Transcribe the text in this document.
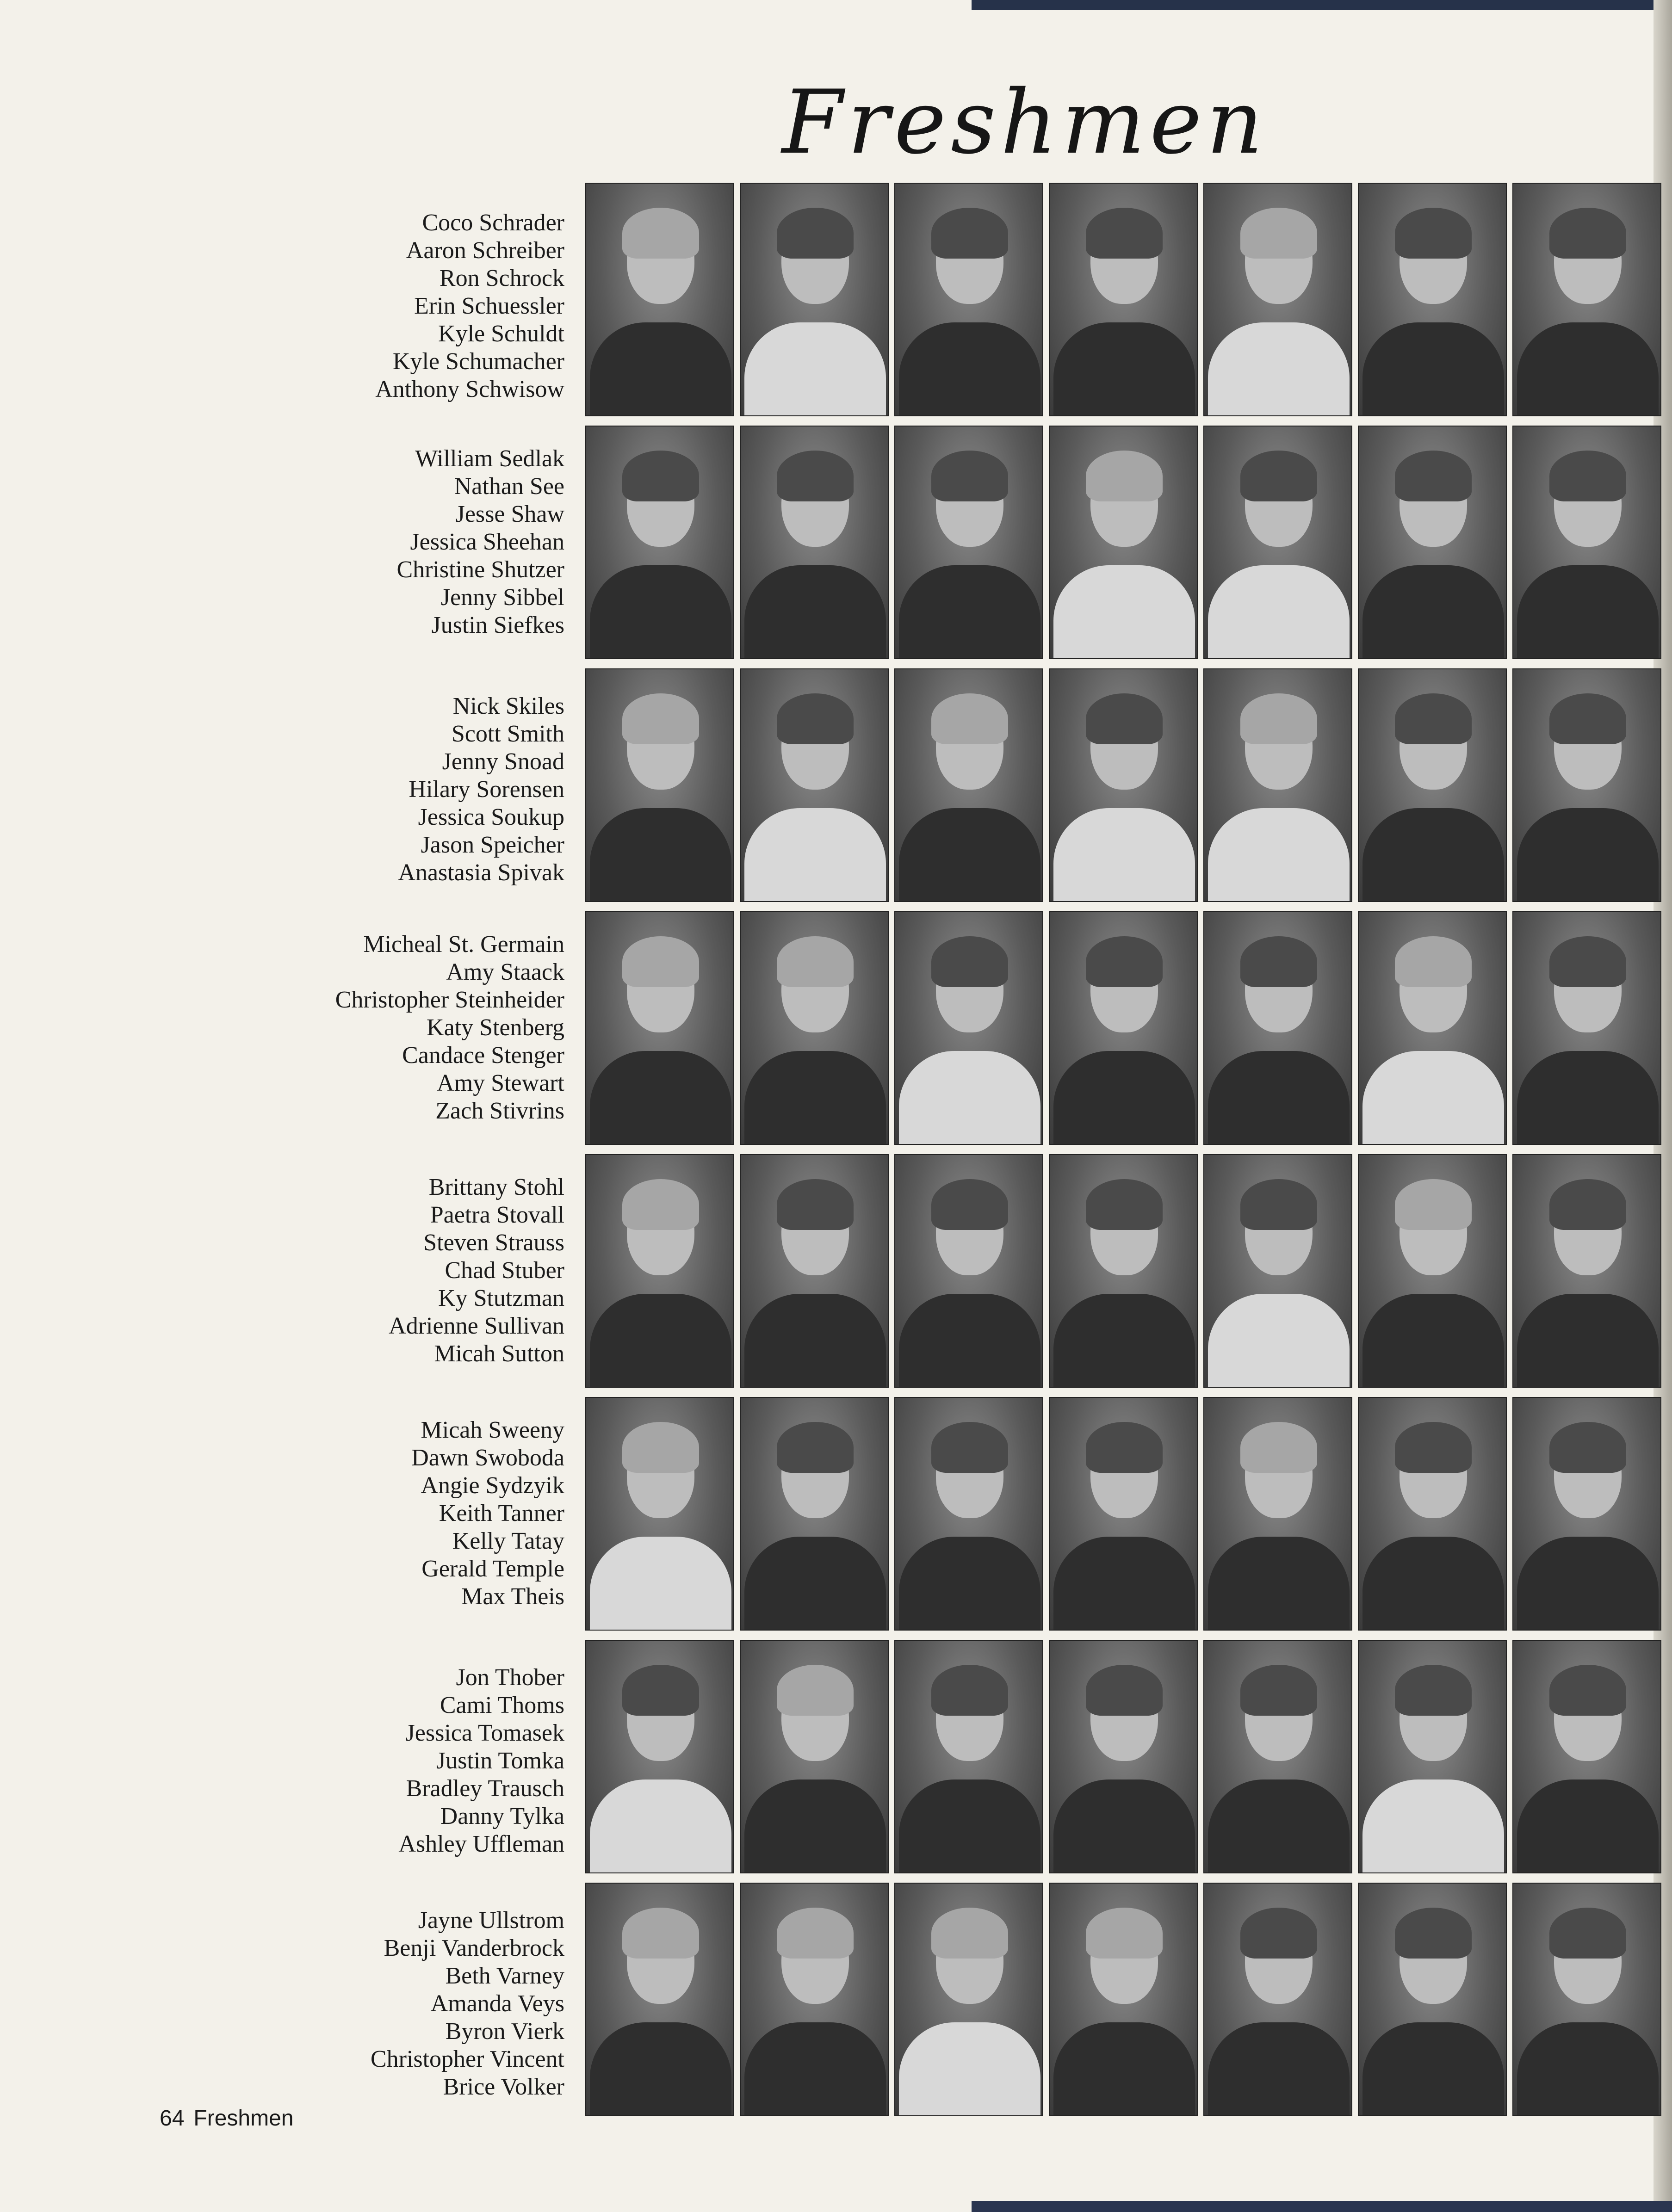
Freshmen
Coco Schrader
Aaron Schreiber
Ron Schrock
Erin Schuessler
Kyle Schuldt
Kyle Schumacher
Anthony Schwisow
William Sedlak
Nathan See
Jesse Shaw
Jessica Sheehan
Christine Shutzer
Jenny Sibbel
Justin Siefkes
Nick Skiles
Scott Smith
Jenny Snoad
Hilary Sorensen
Jessica Soukup
Jason Speicher
Anastasia Spivak
Micheal St. Germain
Amy Staack
Christopher Steinheider
Katy Stenberg
Candace Stenger
Amy Stewart
Zach Stivrins
Brittany Stohl
Paetra Stovall
Steven Strauss
Chad Stuber
Ky Stutzman
Adrienne Sullivan
Micah Sutton
Micah Sweeny
Dawn Swoboda
Angie Sydzyik
Keith Tanner
Kelly Tatay
Gerald Temple
Max Theis
Jon Thober
Cami Thoms
Jessica Tomasek
Justin Tomka
Bradley Trausch
Danny Tylka
Ashley Uffleman
Jayne Ullstrom
Benji Vanderbrock
Beth Varney
Amanda Veys
Byron Vierk
Christopher Vincent
Brice Volker
64 Freshmen
